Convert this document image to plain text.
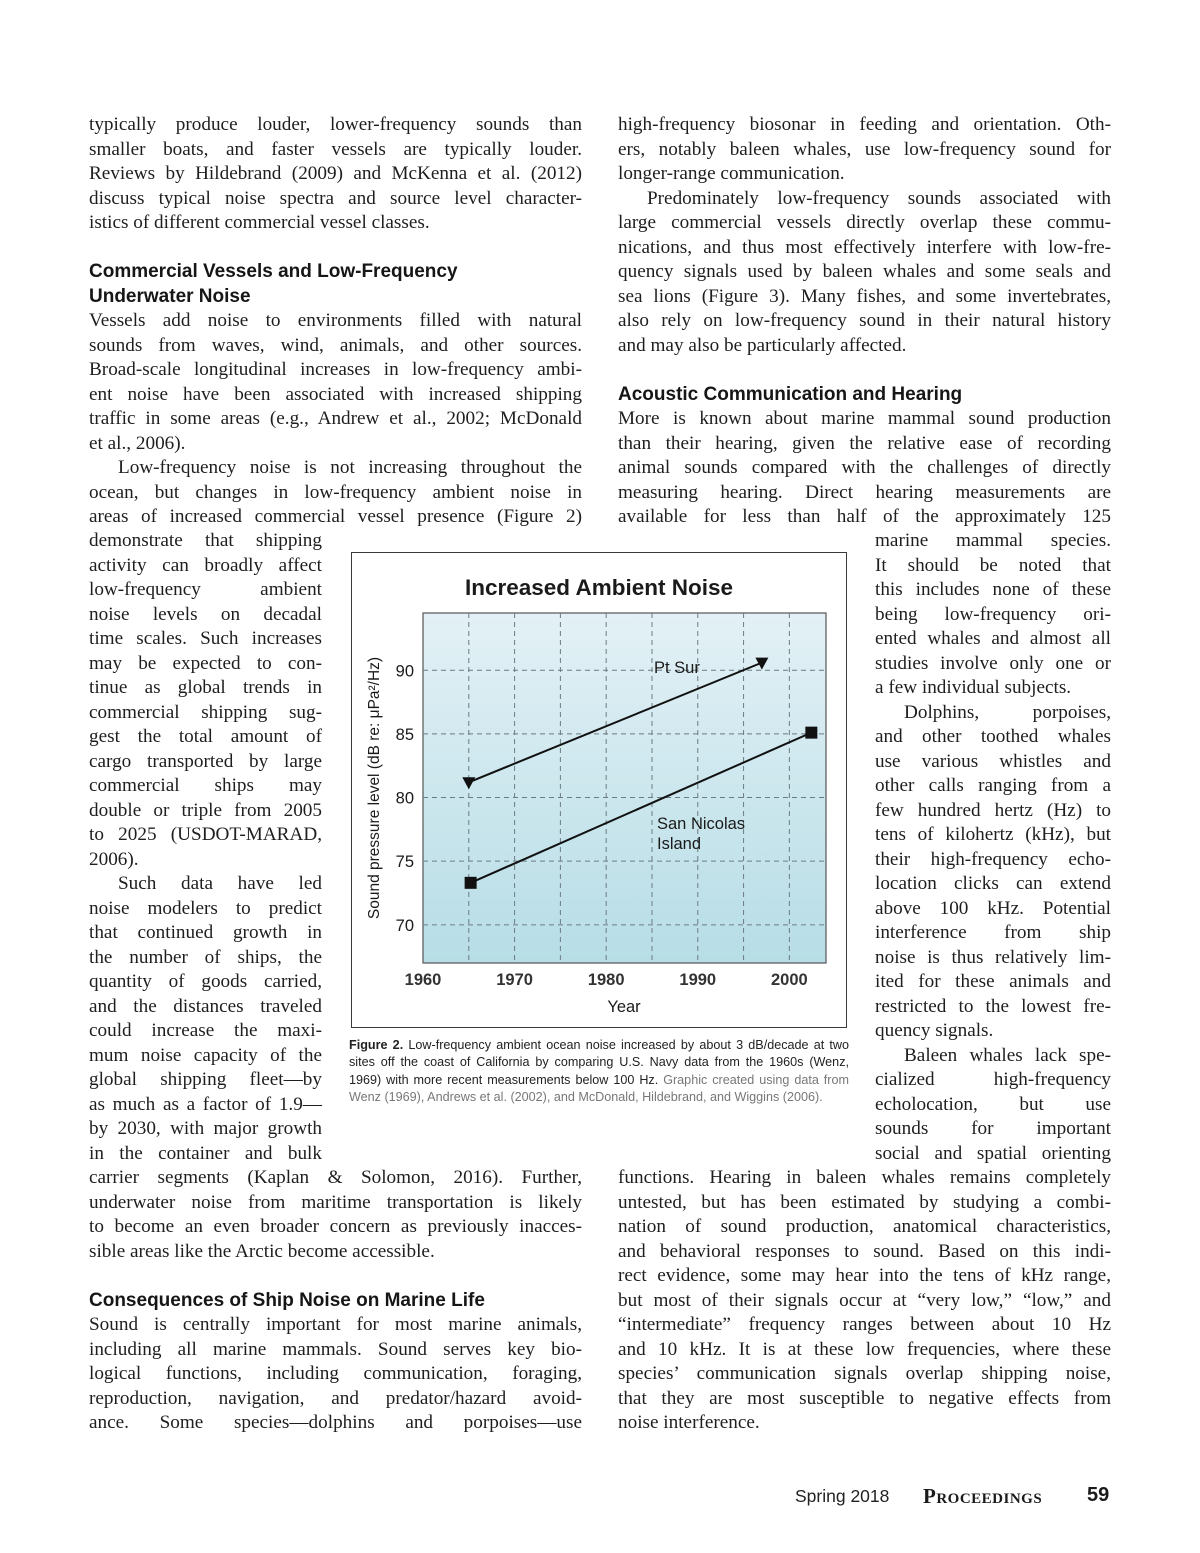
typically produce louder, lower-frequency sounds than
smaller boats, and faster vessels are typically louder.
Reviews by Hildebrand (2009) and McKenna et al. (2012)
discuss typical noise spectra and source level character-
istics of different commercial vessel classes.

Commercial Vessels and Low-Frequency
Underwater Noise

Vessels add noise to environments filled with natural
sounds from waves, wind, animals, and other sources.
Broad-scale longitudinal increases in low-frequency ambi-
ent noise have been associated with increased shipping
traffic in some areas (e.g., Andrew et al., 2002; McDonald
et al., 2006).

Low-frequency noise is not increasing throughout the
ocean, but changes in low-frequency ambient noise in
areas of increased commercial vessel presence (Figure 2)

demonstrate that shipping
activity can broadly affect
low-frequency ambient
noise levels on decadal
time scales. Such increases
may be expected to con-
tinue as global trends in
commercial shipping sug-
gest the total amount of
cargo transported by large
commercial ships may
double or triple from 2005
to 2025 (USDOT-MARAD,
2006).

Such data have led
noise modelers to predict
that continued growth in
the number of ships, the
quantity of goods carried,
and the distances traveled
could increase the maxi-
mum noise capacity of the
global shipping fleet—by
as much as a factor of 1.9—
by 2030, with major growth
in the container and bulk

carrier segments (Kaplan & Solomon, 2016). Further,
underwater noise from maritime transportation is likely
to become an even broader concern as previously inacces-
sible areas like the Arctic become accessible.

Consequences of Ship Noise on Marine Life

Sound is centrally important for most marine animals,
including all marine mammals. Sound serves key bio-
logical functions, including communication, foraging,
reproduction, navigation, and predator/hazard avoid-
ance. Some species—dolphins and porpoises—use

high-frequency biosonar in feeding and orientation. Oth-
ers, notably baleen whales, use low-frequency sound for
longer-range communication.

Predominately low-frequency sounds associated with
large commercial vessels directly overlap these commu-
nications, and thus most effectively interfere with low-fre-
quency signals used by baleen whales and some seals and
sea lions (Figure 3). Many fishes, and some invertebrates,
also rely on low-frequency sound in their natural history
and may also be particularly affected.

Acoustic Communication and Hearing

More is known about marine mammal sound production
than their hearing, given the relative ease of recording
animal sounds compared with the challenges of directly
measuring hearing. Direct hearing measurements are
available for less than half of the approximately 125

marine mammal species.
It should be noted that
this includes none of these
being low-frequency ori-
ented whales and almost all
studies involve only one or
a few individual subjects.

Dolphins, porpoises,
and other toothed whales
use various whistles and
other calls ranging from a
few hundred hertz (Hz) to
tens of kilohertz (kHz), but
their high-frequency echo-
location clicks can extend
above 100 kHz. Potential
interference from ship
noise is thus relatively lim-
ited for these animals and
restricted to the lowest fre-
quency signals.

Baleen whales lack spe-
cialized high-frequency
echolocation, but use
sounds for important
social and spatial orienting

functions. Hearing in baleen whales remains completely
untested, but has been estimated by studying a combi-
nation of sound production, anatomical characteristics,
and behavioral responses to sound. Based on this indi-
rect evidence, some may hear into the tens of kHz range,
but most of their signals occur at “very low,” “low,” and
“intermediate” frequency ranges between about 10 Hz
and 10 kHz. It is at these low frequencies, where these
species’ communication signals overlap shipping noise,
that they are most susceptible to negative effects from
noise interference.

Increased Ambient Noise
70
75
80
85
90
1960	1970	1980	1990	2000
Pt Sur
San Nicolas
Island
Year
Sound pressure level (dB re: μPa²/Hz)
Figure 2. Low-frequency ambient ocean noise increased by about 3 dB/decade at two sites off the coast of California by comparing U.S. Navy data from the 1960s (Wenz, 1969) with more recent measurements below 100 Hz. Graphic created using data from Wenz (1969), Andrews et al. (2002), and McDonald, Hildebrand, and Wiggins (2006).
Spring 2018 Proceedings 59
